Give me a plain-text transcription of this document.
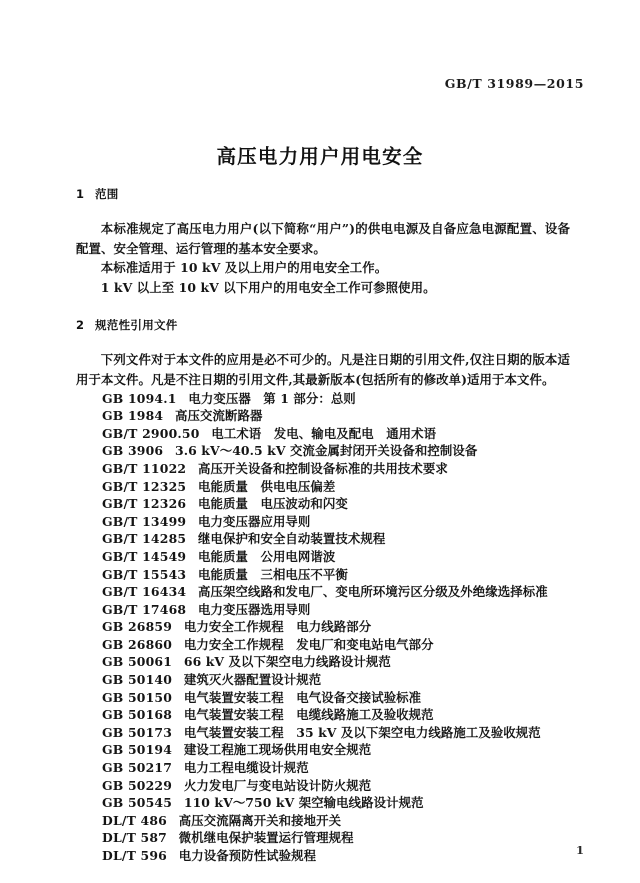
GB/T 31989—2015
高压电力用户用电安全
1 范围

本标准规定了高压电力用户(以下简称“用户”)的供电电源及自备应急电源配置、设备配置、安全管理、运行管理的基本安全要求。

本标准适用于 10 kV 及以上用户的用电安全工作。

1 kV 以上至 10 kV 以下用户的用电安全工作可参照使用。

2 规范性引用文件

下列文件对于本文件的应用是必不可少的。凡是注日期的引用文件,仅注日期的版本适用于本文件。凡是不注日期的引用文件,其最新版本(包括所有的修改单)适用于本文件。

GB 1094.1 电力变压器　第 1 部分：总则
GB 1984 高压交流断路器
GB/T 2900.50 电工术语　发电、输电及配电　通用术语
GB 3906 3.6 kV～40.5 kV 交流金属封闭开关设备和控制设备
GB/T 11022 高压开关设备和控制设备标准的共用技术要求
GB/T 12325 电能质量　供电电压偏差
GB/T 12326 电能质量　电压波动和闪变
GB/T 13499 电力变压器应用导则
GB/T 14285 继电保护和安全自动装置技术规程
GB/T 14549 电能质量　公用电网谐波
GB/T 15543 电能质量　三相电压不平衡
GB/T 16434 高压架空线路和发电厂、变电所环境污区分级及外绝缘选择标准
GB/T 17468 电力变压器选用导则
GB 26859 电力安全工作规程　电力线路部分
GB 26860 电力安全工作规程　发电厂和变电站电气部分
GB 50061 66 kV 及以下架空电力线路设计规范
GB 50140 建筑灭火器配置设计规范
GB 50150 电气装置安装工程　电气设备交接试验标准
GB 50168 电气装置安装工程　电缆线路施工及验收规范
GB 50173 电气装置安装工程　35 kV 及以下架空电力线路施工及验收规范
GB 50194 建设工程施工现场供用电安全规范
GB 50217 电力工程电缆设计规范
GB 50229 火力发电厂与变电站设计防火规范
GB 50545 110 kV～750 kV 架空输电线路设计规范
DL/T 486 高压交流隔离开关和接地开关
DL/T 587 微机继电保护装置运行管理规程
DL/T 596 电力设备预防性试验规程	1
